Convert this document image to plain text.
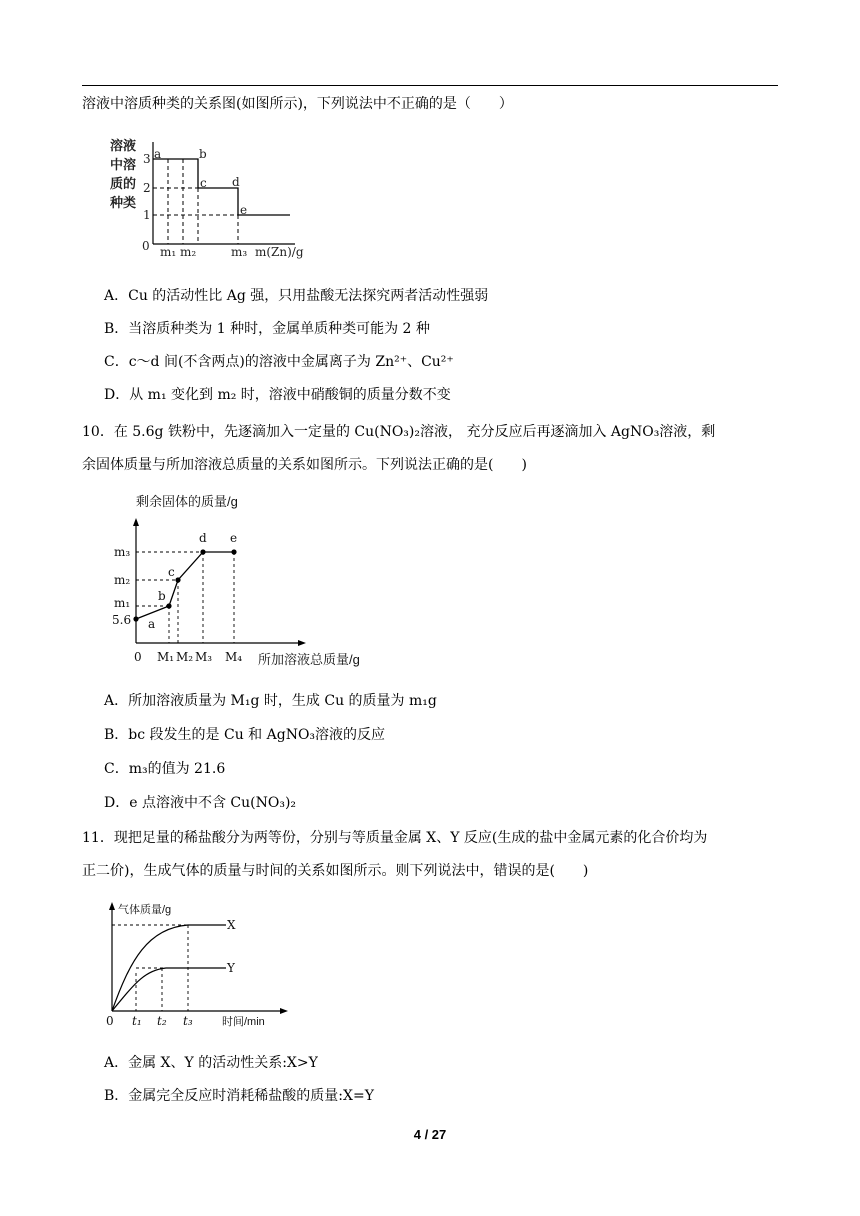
溶液中溶质种类的关系图(如图所示)，下列说法中不正确的是（　　）
溶液
中溶
质的
种类
3
2
1
0
a	b
c d
e
m₁ m₂	m₃ m(Zn)/g
A．Cu 的活动性比 Ag 强，只用盐酸无法探究两者活动性强弱
B．当溶质种类为 1 种时，金属单质种类可能为 2 种
C．c～d 间(不含两点)的溶液中金属离子为 Zn²⁺、Cu²⁺
D．从 m₁ 变化到 m₂ 时，溶液中硝酸铜的质量分数不变
10．在 5.6g 铁粉中，先逐滴加入一定量的 Cu(NO₃)₂溶液， 充分反应后再逐滴加入 AgNO₃溶液，剩
余固体质量与所加溶液总质量的关系如图所示。下列说法正确的是(　　)
剩余固体的质量/g
所加溶液总质量/g
m₃
m₂
m₁
5.6
0 M₁ M₂ M₃ M₄
a
b
c
d e
A．所加溶液质量为 M₁g 时，生成 Cu 的质量为 m₁g
B．bc 段发生的是 Cu 和 AgNO₃溶液的反应
C．m₃的值为 21.6
D．e 点溶液中不含 Cu(NO₃)₂
11．现把足量的稀盐酸分为两等份，分别与等质量金属 X、Y 反应(生成的盐中金属元素的化合价均为
正二价)，生成气体的质量与时间的关系如图所示。则下列说法中，错误的是(　　)
气体质量/g
时间/min
0 t₁ t₂ t₃
X
Y
A．金属 X、Y 的活动性关系:X>Y
B．金属完全反应时消耗稀盐酸的质量:X=Y
4 / 27
